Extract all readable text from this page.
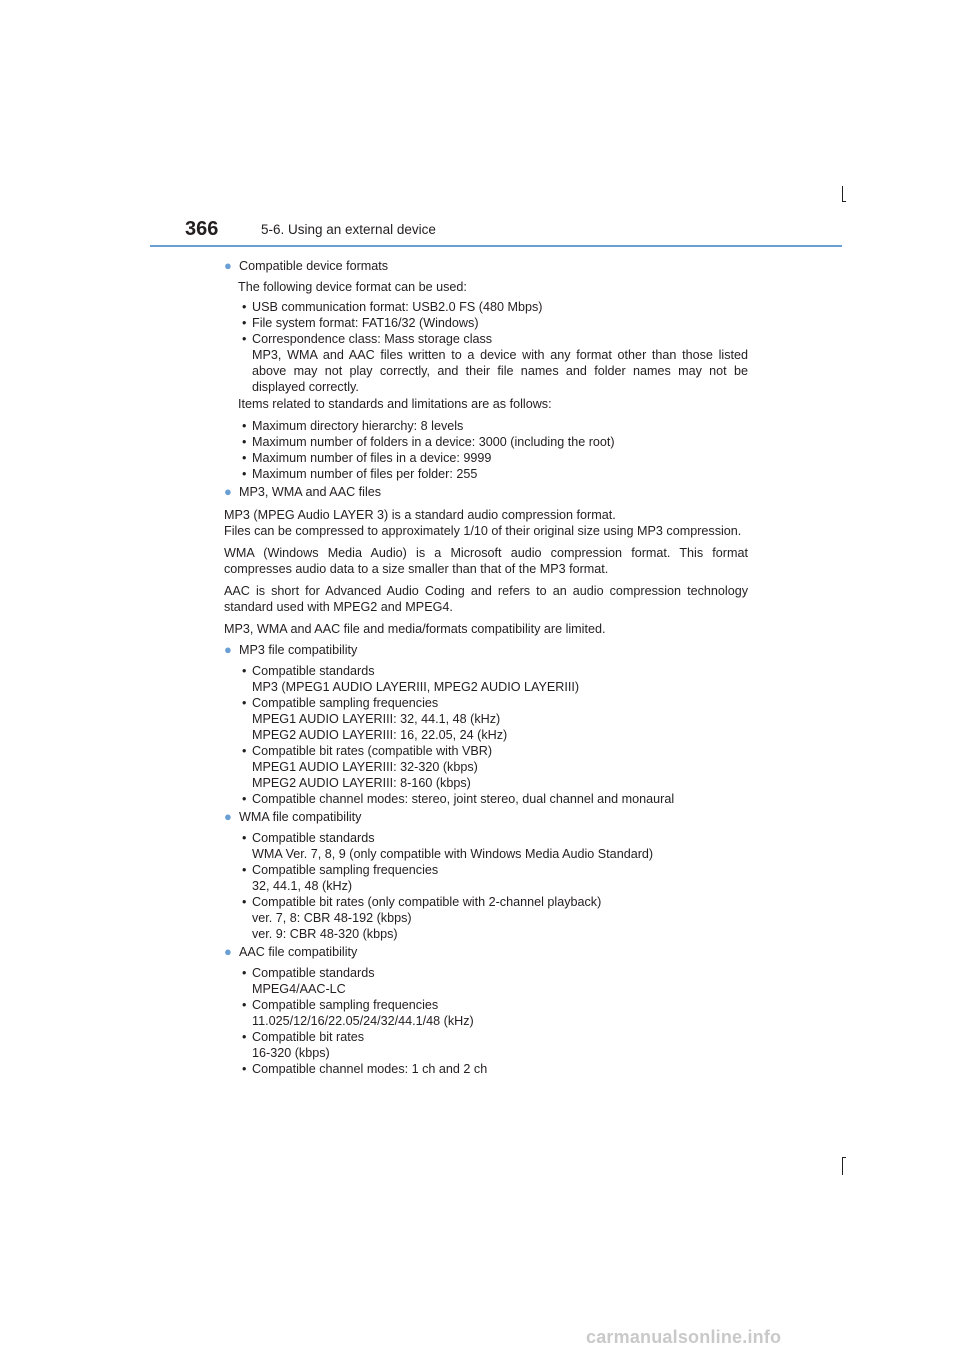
366	5-6. Using an external device
● Compatible device formats
The following device format can be used:
• USB communication format: USB2.0 FS (480 Mbps)
• File system format: FAT16/32 (Windows)
• Correspondence class: Mass storage class
MP3, WMA and AAC files written to a device with any format other than those listed above may not play correctly, and their file names and folder names may not be displayed correctly.
Items related to standards and limitations are as follows:
• Maximum directory hierarchy: 8 levels
• Maximum number of folders in a device: 3000 (including the root)
• Maximum number of files in a device: 9999
• Maximum number of files per folder: 255
● MP3, WMA and AAC files
MP3 (MPEG Audio LAYER 3) is a standard audio compression format.
Files can be compressed to approximately 1/10 of their original size using MP3 compression.
WMA (Windows Media Audio) is a Microsoft audio compression format. This format compresses audio data to a size smaller than that of the MP3 format.
AAC is short for Advanced Audio Coding and refers to an audio compression technology standard used with MPEG2 and MPEG4.
MP3, WMA and AAC file and media/formats compatibility are limited.
● MP3 file compatibility
• Compatible standards
MP3 (MPEG1 AUDIO LAYERIII, MPEG2 AUDIO LAYERIII)
• Compatible sampling frequencies
MPEG1 AUDIO LAYERIII: 32, 44.1, 48 (kHz)
MPEG2 AUDIO LAYERIII: 16, 22.05, 24 (kHz)
• Compatible bit rates (compatible with VBR)
MPEG1 AUDIO LAYERIII: 32-320 (kbps)
MPEG2 AUDIO LAYERIII: 8-160 (kbps)
• Compatible channel modes: stereo, joint stereo, dual channel and monaural
● WMA file compatibility
• Compatible standards
WMA Ver. 7, 8, 9 (only compatible with Windows Media Audio Standard)
• Compatible sampling frequencies
32, 44.1, 48 (kHz)
• Compatible bit rates (only compatible with 2-channel playback)
ver. 7, 8: CBR 48-192 (kbps)
ver. 9: CBR 48-320 (kbps)
● AAC file compatibility
• Compatible standards
MPEG4/AAC-LC
• Compatible sampling frequencies
11.025/12/16/22.05/24/32/44.1/48 (kHz)
• Compatible bit rates
16-320 (kbps)
• Compatible channel modes: 1 ch and 2 ch
carmanualsonline.info
